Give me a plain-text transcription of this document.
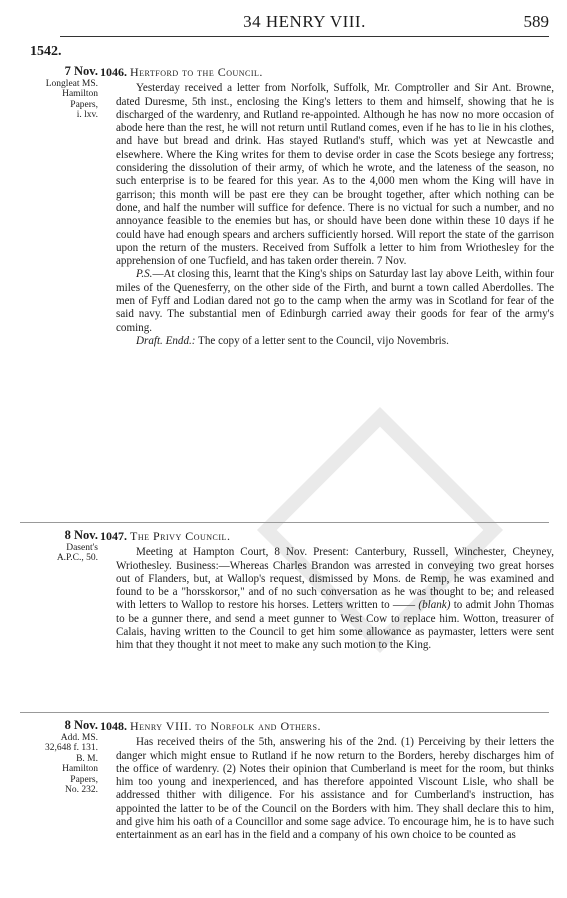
34 HENRY VIII.	589
1542.
7 Nov.
Longleat MS.
Hamilton
Papers,
i. lxv.
1046. Hertford to the Council.

Yesterday received a letter from Norfolk, Suffolk, Mr. Comptroller and Sir Ant. Browne, dated Duresme, 5th inst., enclosing the King's letters to them and himself, showing that he is discharged of the wardenry, and Rutland re-appointed. Although he has now no more occasion of abode here than the rest, he will not return until Rutland comes, even if he has to lie in his clothes, and have but bread and drink. Has stayed Rutland's stuff, which was yet at Newcastle and elsewhere. Where the King writes for them to devise order in case the Scots besiege any fortress; considering the dissolution of their army, of which he wrote, and the lateness of the season, no such enterprise is to be feared for this year. As to the 4,000 men whom the King will have in garrison; this month will be past ere they can be brought together, after which nothing can be done, and half the number will suffice for defence. There is no victual for such a number, and no annoyance feasible to the enemies but has, or should have been done within these 10 days if he could have had enough spears and archers sufficiently horsed. Will report the state of the garrison upon the return of the musters. Received from Suffolk a letter to him from Wriothesley for the apprehension of one Tucfield, and has taken order therein. 7 Nov.

P.S.—At closing this, learnt that the King's ships on Saturday last lay above Leith, within four miles of the Quenesferry, on the other side of the Firth, and burnt a town called Aberdolles. The men of Fyff and Lodian dared not go to the camp when the army was in Scotland for fear of the said navy. The substantial men of Edinburgh carried away their goods for fear of the army's coming.

Draft. Endd.: The copy of a letter sent to the Council, vijo Novembris.

8 Nov.
Dasent's
A.P.C., 50.
1047. The Privy Council.

Meeting at Hampton Court, 8 Nov. Present: Canterbury, Russell, Winchester, Cheyney, Wriothesley. Business:—Whereas Charles Brandon was arrested in conveying two great horses out of Flanders, but, at Wallop's request, dismissed by Mons. de Remp, he was examined and found to be a "horsskorsor," and of no such conversation as he was thought to be; and released with letters to Wallop to restore his horses. Letters written to —— (blank) to admit John Thomas to be a gunner there, and send a meet gunner to West Cow to replace him. Wotton, treasurer of Calais, having written to the Council to get him some allowance as paymaster, letters were sent him that they thought it not meet to make any such motion to the King.

8 Nov.
Add. MS.
32,648 f. 131.
B. M.
Hamilton
Papers,
No. 232.
1048. Henry VIII. to Norfolk and Others.

Has received theirs of the 5th, answering his of the 2nd. (1) Perceiving by their letters the danger which might ensue to Rutland if he now return to the Borders, hereby discharges him of the office of wardenry. (2) Notes their opinion that Cumberland is meet for the room, but thinks him too young and inexperienced, and has therefore appointed Viscount Lisle, who shall be addressed thither with diligence. For his assistance and for Cumberland's instruction, has appointed the latter to be of the Council on the Borders with him. They shall declare this to him, and give him his oath of a Councillor and some sage advice. To encourage him, he is to have such entertainment as an earl has in the field and a company of his own choice to be counted as
